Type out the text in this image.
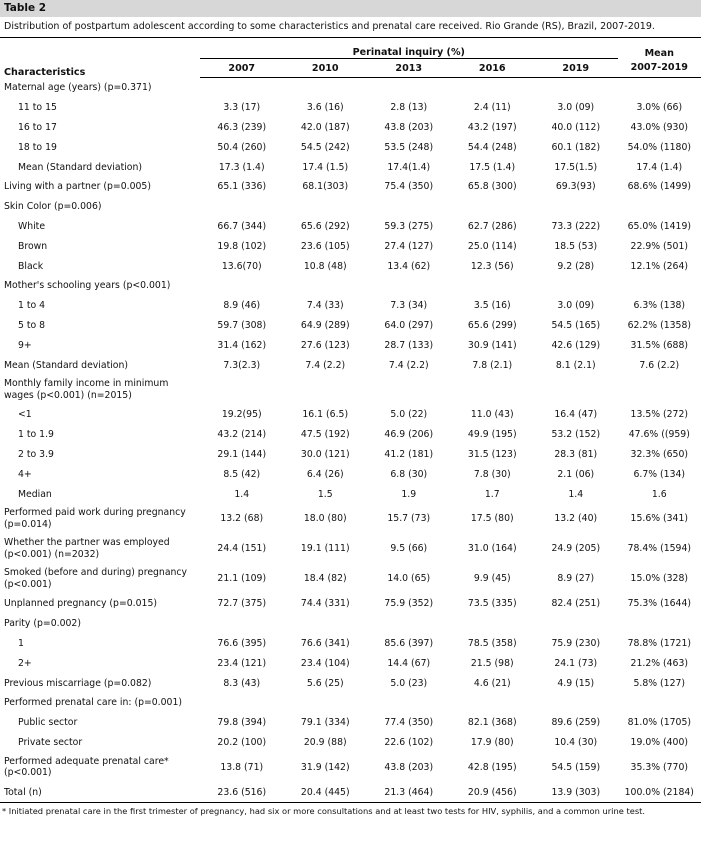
Table 2
Distribution of postpartum adolescent according to some characteristics and prenatal care received. Rio Grande (RS), Brazil, 2007-2019.
Characteristics	Perinatal inquiry (%)					Mean
	2007	2010	2013	2016	2019	2007-2019
Maternal age (years) (p=0.371)						
11 to 15	3.3 (17)	3.6 (16)	2.8 (13)	2.4 (11)	3.0 (09)	3.0% (66)
16 to 17	46.3 (239)	42.0 (187)	43.8 (203)	43.2 (197)	40.0 (112)	43.0% (930)
18 to 19	50.4 (260)	54.5 (242)	53.5 (248)	54.4 (248)	60.1 (182)	54.0% (1180)
Mean (Standard deviation)	17.3 (1.4)	17.4 (1.5)	17.4(1.4)	17.5 (1.4)	17.5(1.5)	17.4 (1.4)
Living with a partner (p=0.005)	65.1 (336)	68.1(303)	75.4 (350)	65.8 (300)	69.3(93)	68.6% (1499)
Skin Color (p=0.006)						
White	66.7 (344)	65.6 (292)	59.3 (275)	62.7 (286)	73.3 (222)	65.0% (1419)
Brown	19.8 (102)	23.6 (105)	27.4 (127)	25.0 (114)	18.5 (53)	22.9% (501)
Black	13.6(70)	10.8 (48)	13.4 (62)	12.3 (56)	9.2 (28)	12.1% (264)
Mother's schooling years (p<0.001)						
1 to 4	8.9 (46)	7.4 (33)	7.3 (34)	3.5 (16)	3.0 (09)	6.3% (138)
5 to 8	59.7 (308)	64.9 (289)	64.0 (297)	65.6 (299)	54.5 (165)	62.2% (1358)
9+	31.4 (162)	27.6 (123)	28.7 (133)	30.9 (141)	42.6 (129)	31.5% (688)
Mean (Standard deviation)	7.3(2.3)	7.4 (2.2)	7.4 (2.2)	7.8 (2.1)	8.1 (2.1)	7.6 (2.2)
Monthly family income in minimum wages (p<0.001) (n=2015)						
<1	19.2(95)	16.1 (6.5)	5.0 (22)	11.0 (43)	16.4 (47)	13.5% (272)
1 to 1.9	43.2 (214)	47.5 (192)	46.9 (206)	49.9 (195)	53.2 (152)	47.6% ((959)
2 to 3.9	29.1 (144)	30.0 (121)	41.2 (181)	31.5 (123)	28.3 (81)	32.3% (650)
4+	8.5 (42)	6.4 (26)	6.8 (30)	7.8 (30)	2.1 (06)	6.7% (134)
Median	1.4	1.5	1.9	1.7	1.4	1.6
Performed paid work during pregnancy (p=0.014)	13.2 (68)	18.0 (80)	15.7 (73)	17.5 (80)	13.2 (40)	15.6% (341)
Whether the partner was employed (p<0.001) (n=2032)	24.4 (151)	19.1 (111)	9.5 (66)	31.0 (164)	24.9 (205)	78.4% (1594)
Smoked (before and during) pregnancy (p<0.001)	21.1 (109)	18.4 (82)	14.0 (65)	9.9 (45)	8.9 (27)	15.0% (328)
Unplanned pregnancy (p=0.015)	72.7 (375)	74.4 (331)	75.9 (352)	73.5 (335)	82.4 (251)	75.3% (1644)
Parity (p=0.002)						
1	76.6 (395)	76.6 (341)	85.6 (397)	78.5 (358)	75.9 (230)	78.8% (1721)
2+	23.4 (121)	23.4 (104)	14.4 (67)	21.5 (98)	24.1 (73)	21.2% (463)
Previous miscarriage (p=0.082)	8.3 (43)	5.6 (25)	5.0 (23)	4.6 (21)	4.9 (15)	5.8% (127)
Performed prenatal care in: (p=0.001)						
Public sector	79.8 (394)	79.1 (334)	77.4 (350)	82.1 (368)	89.6 (259)	81.0% (1705)
Private sector	20.2 (100)	20.9 (88)	22.6 (102)	17.9 (80)	10.4 (30)	19.0% (400)
Performed adequate prenatal care* (p<0.001)	13.8 (71)	31.9 (142)	43.8 (203)	42.8 (195)	54.5 (159)	35.3% (770)
Total (n)	23.6 (516)	20.4 (445)	21.3 (464)	20.9 (456)	13.9 (303)	100.0% (2184)
* Initiated prenatal care in the first trimester of pregnancy, had six or more consultations and at least two tests for HIV, syphilis, and a common urine test.
